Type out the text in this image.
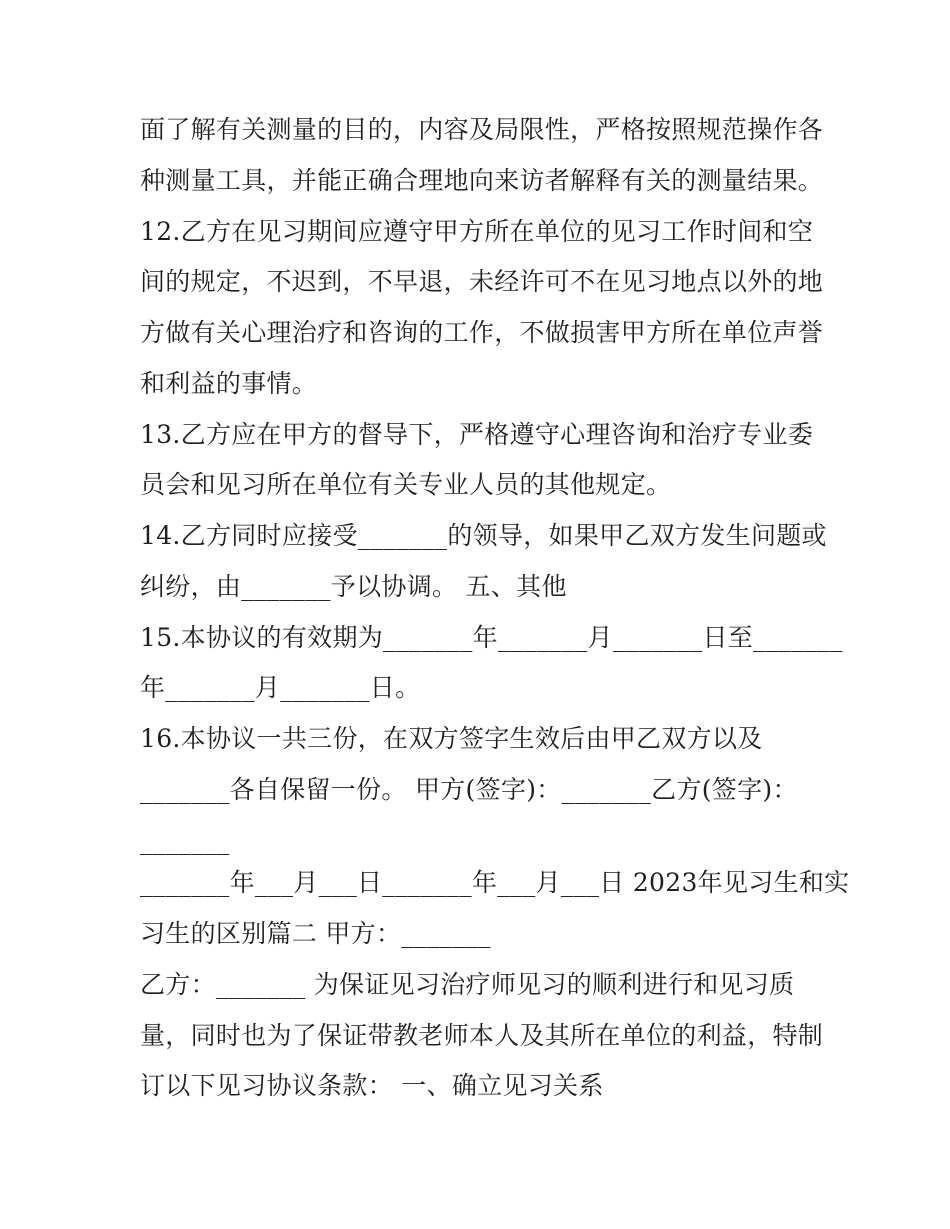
面了解有关测量的目的，内容及局限性，严格按照规范操作各
种测量工具，并能正确合理地向来访者解释有关的测量结果。
12.乙方在见习期间应遵守甲方所在单位的见习工作时间和空
间的规定，不迟到，不早退，未经许可不在见习地点以外的地
方做有关心理治疗和咨询的工作，不做损害甲方所在单位声誉
和利益的事情。
13.乙方应在甲方的督导下，严格遵守心理咨询和治疗专业委
员会和见习所在单位有关专业人员的其他规定。
14.乙方同时应接受_______的领导，如果甲乙双方发生问题或
纠纷，由_______予以协调。 五、其他
15.本协议的有效期为_______年_______月_______日至_______
年_______月_______日。
16.本协议一共三份，在双方签字生效后由甲乙双方以及
_______各自保留一份。 甲方(签字)：_______乙方(签字)：
_______
_______年___月___日_______年___月___日 2023年见习生和实
习生的区别篇二 甲方：_______
乙方：_______ 为保证见习治疗师见习的顺利进行和见习质
量，同时也为了保证带教老师本人及其所在单位的利益，特制
订以下见习协议条款： 一、确立见习关系
